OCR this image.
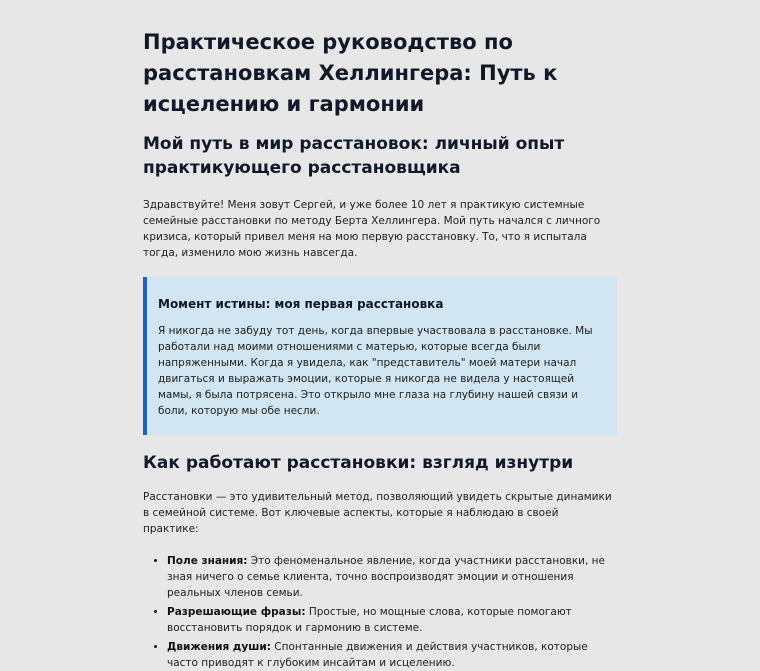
Практическое руководство по расстановкам Хеллингера: Путь к исцелению и гармонии
Мой путь в мир расстановок: личный опыт практикующего расстановщика

Здравствуйте! Меня зовут Сергей, и уже более 10 лет я практикую системные семейные расстановки по методу Берта Хеллингера. Мой путь начался с личного кризиса, который привел меня на мою первую расстановку. То, что я испытала тогда, изменило мою жизнь навсегда.

Момент истины: моя первая расстановка

Я никогда не забуду тот день, когда впервые участвовала в расстановке. Мы работали над моими отношениями с матерью, которые всегда были напряженными. Когда я увидела, как "представитель" моей матери начал двигаться и выражать эмоции, которые я никогда не видела у настоящей мамы, я была потрясена. Это открыло мне глаза на глубину нашей связи и боли, которую мы обе несли.

Как работают расстановки: взгляд изнутри

Расстановки — это удивительный метод, позволяющий увидеть скрытые динамики в семейной системе. Вот ключевые аспекты, которые я наблюдаю в своей практике:

• Поле знания: Это феноменальное явление, когда участники расстановки, не зная ничего о семье клиента, точно воспроизводят эмоции и отношения реальных членов семьи.
• Разрешающие фразы: Простые, но мощные слова, которые помогают восстановить порядок и гармонию в системе.
• Движения души: Спонтанные движения и действия участников, которые часто приводят к глубоким инсайтам и исцелению.
